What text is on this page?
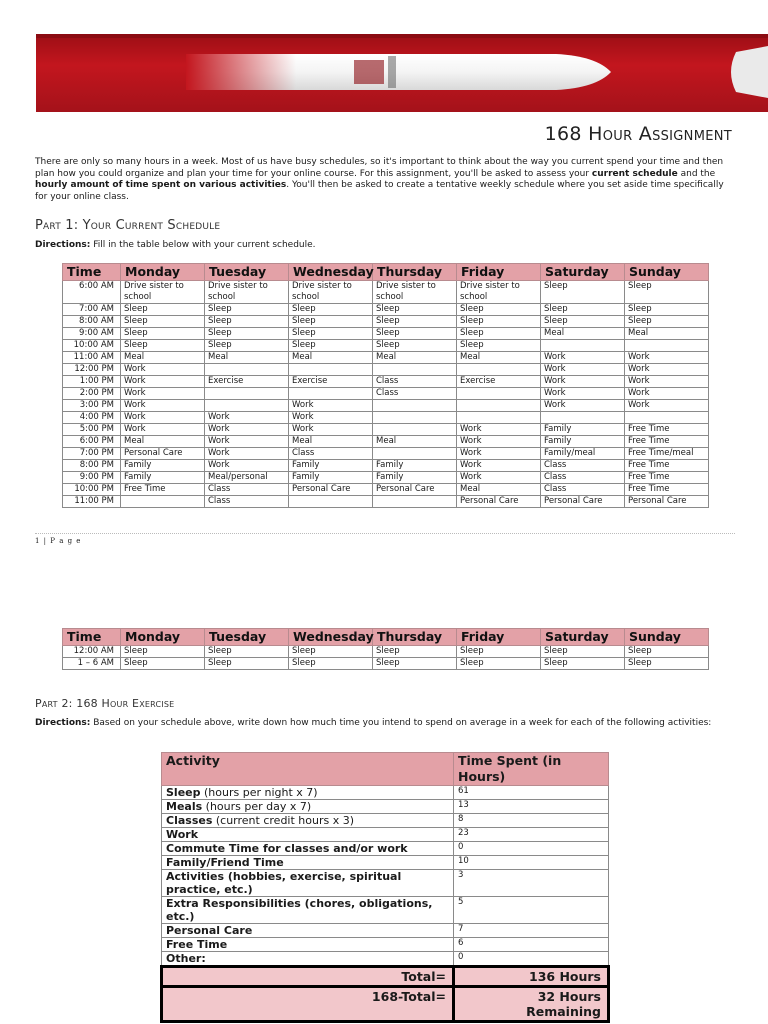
168 Hour Assignment

There are only so many hours in a week. Most of us have busy schedules, so it's important to think about the way you current spend your time and then plan how you could organize and plan your time for your online course. For this assignment, you'll be asked to assess your current schedule and the hourly amount of time spent on various activities. You'll then be asked to create a tentative weekly schedule where you set aside time specifically for your online class.

Part 1: Your Current Schedule
Directions: Fill in the table below with your current schedule.
Time	Monday	Tuesday	Wednesday	Thursday	Friday	Saturday	Sunday
6:00 AM	Drive sister to school	Drive sister to school	Drive sister to school	Drive sister to school	Drive sister to school	Sleep	Sleep
7:00 AM	Sleep	Sleep	Sleep	Sleep	Sleep	Sleep	Sleep
8:00 AM	Sleep	Sleep	Sleep	Sleep	Sleep	Sleep	Sleep
9:00 AM	Sleep	Sleep	Sleep	Sleep	Sleep	Meal	Meal
10:00 AM	Sleep	Sleep	Sleep	Sleep	Sleep		
11:00 AM	Meal	Meal	Meal	Meal	Meal	Work	Work
12:00 PM	Work					Work	Work
1:00 PM	Work	Exercise	Exercise	Class	Exercise	Work	Work
2:00 PM	Work			Class		Work	Work
3:00 PM	Work		Work			Work	Work
4:00 PM	Work	Work	Work				
5:00 PM	Work	Work	Work		Work	Family	Free Time
6:00 PM	Meal	Work	Meal	Meal	Work	Family	Free Time
7:00 PM	Personal Care	Work	Class		Work	Family/meal	Free Time/meal
8:00 PM	Family	Work	Family	Family	Work	Class	Free Time
9:00 PM	Family	Meal/personal	Family	Family	Work	Class	Free Time
10:00 PM	Free Time	Class	Personal Care	Personal Care	Meal	Class	Free Time
11:00 PM		Class			Personal Care	Personal Care	Personal Care
1 | P a g e
Time	Monday	Tuesday	Wednesday	Thursday	Friday	Saturday	Sunday
12:00 AM	Sleep	Sleep	Sleep	Sleep	Sleep	Sleep	Sleep
1 – 6 AM	Sleep	Sleep	Sleep	Sleep	Sleep	Sleep	Sleep
Part 2: 168 Hour Exercise
Directions: Based on your schedule above, write down how much time you intend to spend on average in a week for each of the following activities:
Activity	Time Spent (in Hours)
Sleep (hours per night x 7)	61
Meals (hours per day x 7)	13
Classes (current credit hours x 3)	8
Work	23
Commute Time for classes and/or work	0
Family/Friend Time	10
Activities (hobbies, exercise, spiritual practice, etc.)	3
Extra Responsibilities (chores, obligations, etc.)	5
Personal Care	7
Free Time	6
Other:	0
Total=	136 Hours
168-Total=	32 Hours Remaining
